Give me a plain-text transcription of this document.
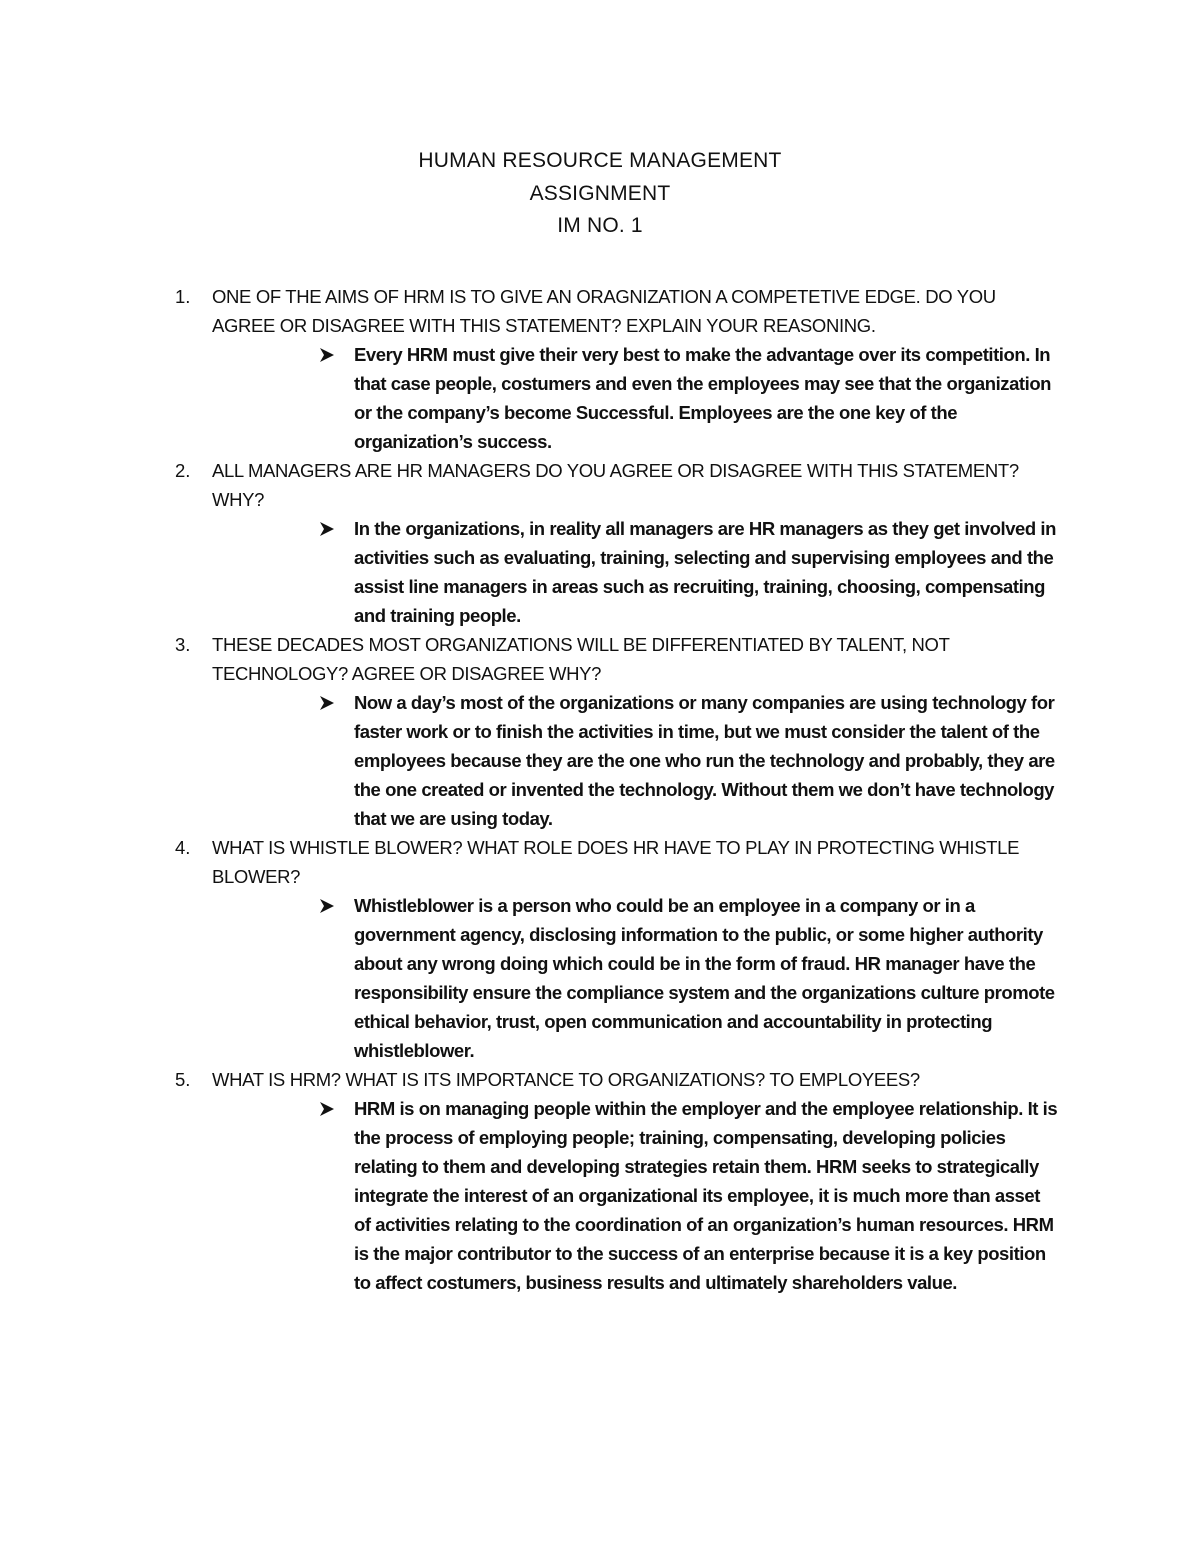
HUMAN RESOURCE MANAGEMENT
ASSIGNMENT
IM NO. 1
1. ONE OF THE AIMS OF HRM IS TO GIVE AN ORAGNIZATION A COMPETETIVE EDGE. DO YOU AGREE OR DISAGREE WITH THIS STATEMENT? EXPLAIN YOUR REASONING.
Every HRM must give their very best to make the advantage over its competition. In that case people, costumers and even the employees may see that the organization or the company’s become Successful. Employees are the one key of the organization’s success.
2. ALL MANAGERS ARE HR MANAGERS DO YOU AGREE OR DISAGREE WITH THIS STATEMENT? WHY?
In the organizations, in reality all managers are HR managers as they get involved in activities such as evaluating, training, selecting and supervising employees and the assist line managers in areas such as recruiting, training, choosing, compensating and training people.
3. THESE DECADES MOST ORGANIZATIONS WILL BE DIFFERENTIATED BY TALENT, NOT TECHNOLOGY? AGREE OR DISAGREE WHY?
Now a day’s most of the organizations or many companies are using technology for faster work or to finish the activities in time, but we must consider the talent of the employees because they are the one who run the technology and probably, they are the one created or invented the technology. Without them we don’t have technology that we are using today.
4. WHAT IS WHISTLE BLOWER? WHAT ROLE DOES HR HAVE TO PLAY IN PROTECTING WHISTLE BLOWER?
Whistleblower is a person who could be an employee in a company or in a government agency, disclosing information to the public, or some higher authority about any wrong doing which could be in the form of fraud. HR manager have the responsibility ensure the compliance system and the organizations culture promote ethical behavior, trust, open communication and accountability in protecting whistleblower.
5. WHAT IS HRM? WHAT IS ITS IMPORTANCE TO ORGANIZATIONS? TO EMPLOYEES?
HRM is on managing people within the employer and the employee relationship. It is the process of employing people; training, compensating, developing policies relating to them and developing strategies retain them. HRM seeks to strategically integrate the interest of an organizational its employee, it is much more than asset of activities relating to the coordination of an organization’s human resources. HRM is the major contributor to the success of an enterprise because it is a key position to affect costumers, business results and ultimately shareholders value.
